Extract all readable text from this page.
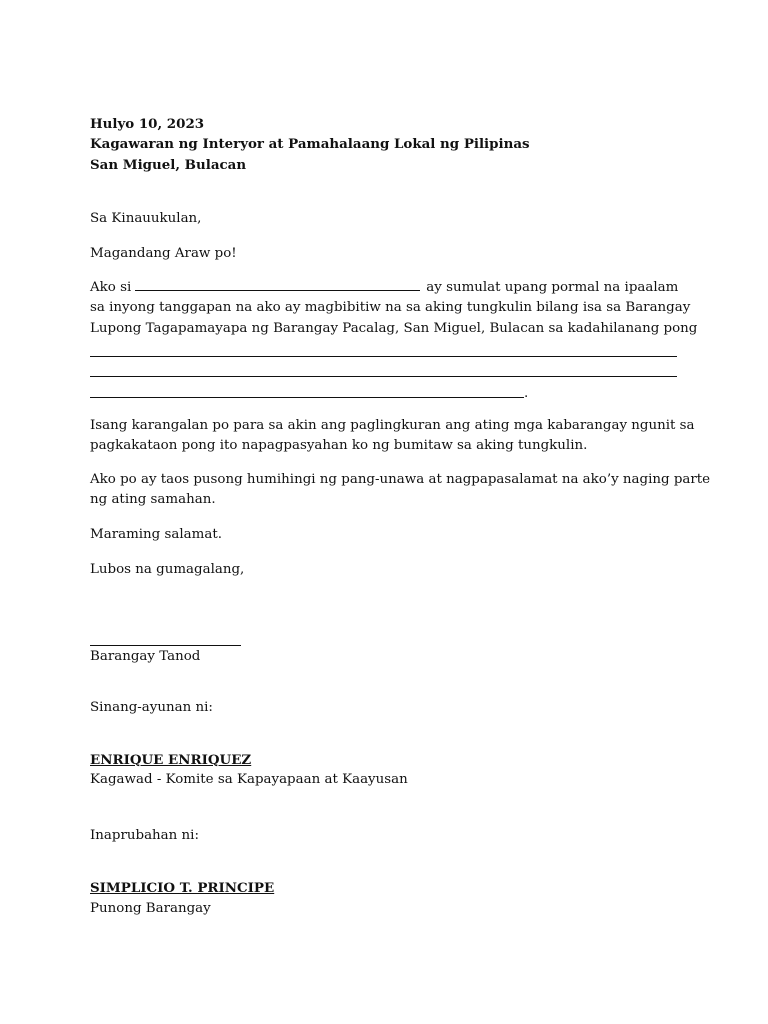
Hulyo 10, 2023
Kagawaran ng Interyor at Pamahalaang Lokal ng Pilipinas
San Miguel, Bulacan
Sa Kinauukulan,
Magandang Araw po!
Ako si	ay sumulat upang pormal na ipaalam
sa inyong tanggapan na ako ay magbibitiw na sa aking tungkulin bilang isa sa Barangay
Lupong Tagapamayapa ng Barangay Pacalag, San Miguel, Bulacan sa kadahilanang pong
.
Isang karangalan po para sa akin ang paglingkuran ang ating mga kabarangay ngunit sa
pagkakataon pong ito napagpasyahan ko ng bumitaw sa aking tungkulin.
Ako po ay taos pusong humihingi ng pang-unawa at nagpapasalamat na ako’y naging parte
ng ating samahan.
Maraming salamat.
Lubos na gumagalang,
Barangay Tanod
Sinang-ayunan ni:
ENRIQUE ENRIQUEZ
Kagawad - Komite sa Kapayapaan at Kaayusan
Inaprubahan ni:
SIMPLICIO T. PRINCIPE
Punong Barangay
